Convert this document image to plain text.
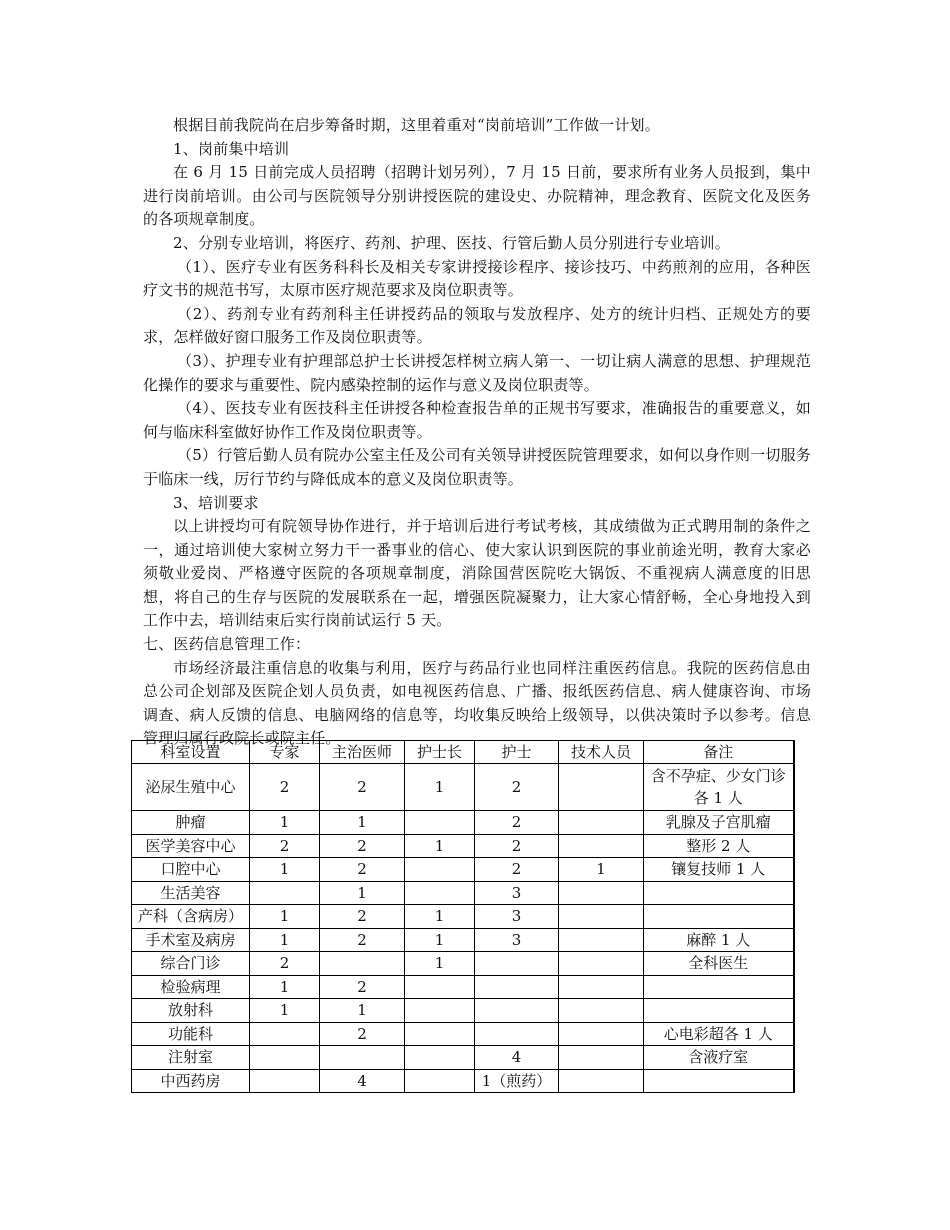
根据目前我院尚在启步筹备时期，这里着重对“岗前培训”工作做一计划。

1、岗前集中培训

在 6 月 15 日前完成人员招聘（招聘计划另列），7 月 15 日前，要求所有业务人员报到，集中进行岗前培训。由公司与医院领导分别讲授医院的建设史、办院精神，理念教育、医院文化及医务的各项规章制度。

2、分别专业培训，将医疗、药剂、护理、医技、行管后勤人员分别进行专业培训。

（1）、医疗专业有医务科科长及相关专家讲授接诊程序、接诊技巧、中药煎剂的应用，各种医疗文书的规范书写，太原市医疗规范要求及岗位职责等。

（2）、药剂专业有药剂科主任讲授药品的领取与发放程序、处方的统计归档、正规处方的要求，怎样做好窗口服务工作及岗位职责等。

（3）、护理专业有护理部总护士长讲授怎样树立病人第一、一切让病人满意的思想、护理规范化操作的要求与重要性、院内感染控制的运作与意义及岗位职责等。

（4）、医技专业有医技科主任讲授各种检查报告单的正规书写要求，准确报告的重要意义，如何与临床科室做好协作工作及岗位职责等。

（5）行管后勤人员有院办公室主任及公司有关领导讲授医院管理要求，如何以身作则一切服务于临床一线，厉行节约与降低成本的意义及岗位职责等。

3、培训要求

以上讲授均可有院领导协作进行，并于培训后进行考试考核，其成绩做为正式聘用制的条件之一，通过培训使大家树立努力干一番事业的信心、使大家认识到医院的事业前途光明，教育大家必须敬业爱岗、严格遵守医院的各项规章制度，消除国营医院吃大锅饭、不重视病人满意度的旧思想，将自己的生存与医院的发展联系在一起，增强医院凝聚力，让大家心情舒畅，全心身地投入到工作中去，培训结束后实行岗前试运行 5 天。

七、医药信息管理工作：

市场经济最注重信息的收集与利用，医疗与药品行业也同样注重医药信息。我院的医药信息由总公司企划部及医院企划人员负责，如电视医药信息、广播、报纸医药信息、病人健康咨询、市场调查、病人反馈的信息、电脑网络的信息等，均收集反映给上级领导，以供决策时予以参考。信息管理归属行政院长或院主任。

科室设置	专家	主治医师	护士长	护士	技术人员	备注
泌尿生殖中心	2	2	1	2		含不孕症、少女门诊各 1 人
肿瘤	1	1		2		乳腺及子宫肌瘤
医学美容中心	2	2	1	2		整形 2 人
口腔中心	1	2		2	1	镶复技师 1 人
生活美容		1		3		
产科（含病房）	1	2	1	3		
手术室及病房	1	2	1	3		麻醉 1 人
综合门诊	2		1			全科医生
检验病理	1	2				
放射科	1	1				
功能科		2				心电彩超各 1 人
注射室				4		含液疗室
中西药房		4		1（煎药）		
